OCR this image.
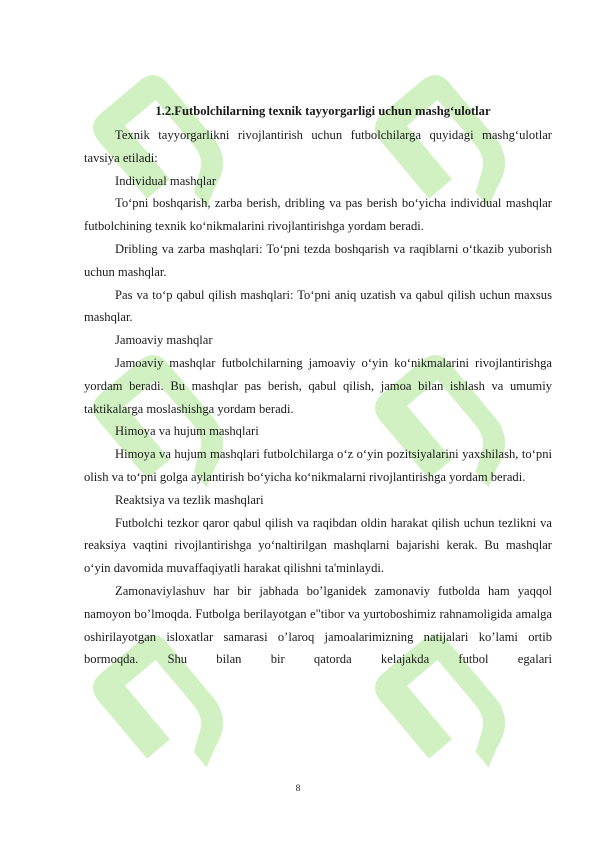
1.2.Futbolchilarning texnik tayyorgarligi uchun mashg‘ulotlar

Texnik tayyorgarlikni rivojlantirish uchun futbolchilarga quyidagi mashg‘ulotlar tavsiya etiladi:

Individual mashqlar

To‘pni boshqarish, zarba berish, dribling va pas berish bo‘yicha individual mashqlar futbolchining texnik ko‘nikmalarini rivojlantirishga yordam beradi.

Dribling va zarba mashqlari: To‘pni tezda boshqarish va raqiblarni o‘tkazib yuborish uchun mashqlar.

Pas va to‘p qabul qilish mashqlari: To‘pni aniq uzatish va qabul qilish uchun maxsus mashqlar.

Jamoaviy mashqlar

Jamoaviy mashqlar futbolchilarning jamoaviy o‘yin ko‘nikmalarini rivojlantirishga yordam beradi. Bu mashqlar pas berish, qabul qilish, jamoa bilan ishlash va umumiy taktikalarga moslashishga yordam beradi.

Himoya va hujum mashqlari

Himoya va hujum mashqlari futbolchilarga o‘z o‘yin pozitsiyalarini yaxshilash, to‘pni olish va to‘pni golga aylantirish bo‘yicha ko‘nikmalarni rivojlantirishga yordam beradi.

Reaktsiya va tezlik mashqlari

Futbolchi tezkor qaror qabul qilish va raqibdan oldin harakat qilish uchun tezlikni va reaksiya vaqtini rivojlantirishga yo‘naltirilgan mashqlarni bajarishi kerak. Bu mashqlar o‘yin davomida muvaffaqiyatli harakat qilishni ta'minlaydi.

Zamonaviylashuv har bir jabhada bo’lganidek zamonaviy futbolda ham yaqqol namoyon bo’lmoqda. Futbolga berilayotgan e"tibor va yurtoboshimiz rahnamoligida amalga oshirilayotgan isloxatlar samarasi o’laroq jamoalarimizning natijalari ko’lami ortib bormoqda. Shu bilan bir qatorda kelajakda futbol egalari

8
